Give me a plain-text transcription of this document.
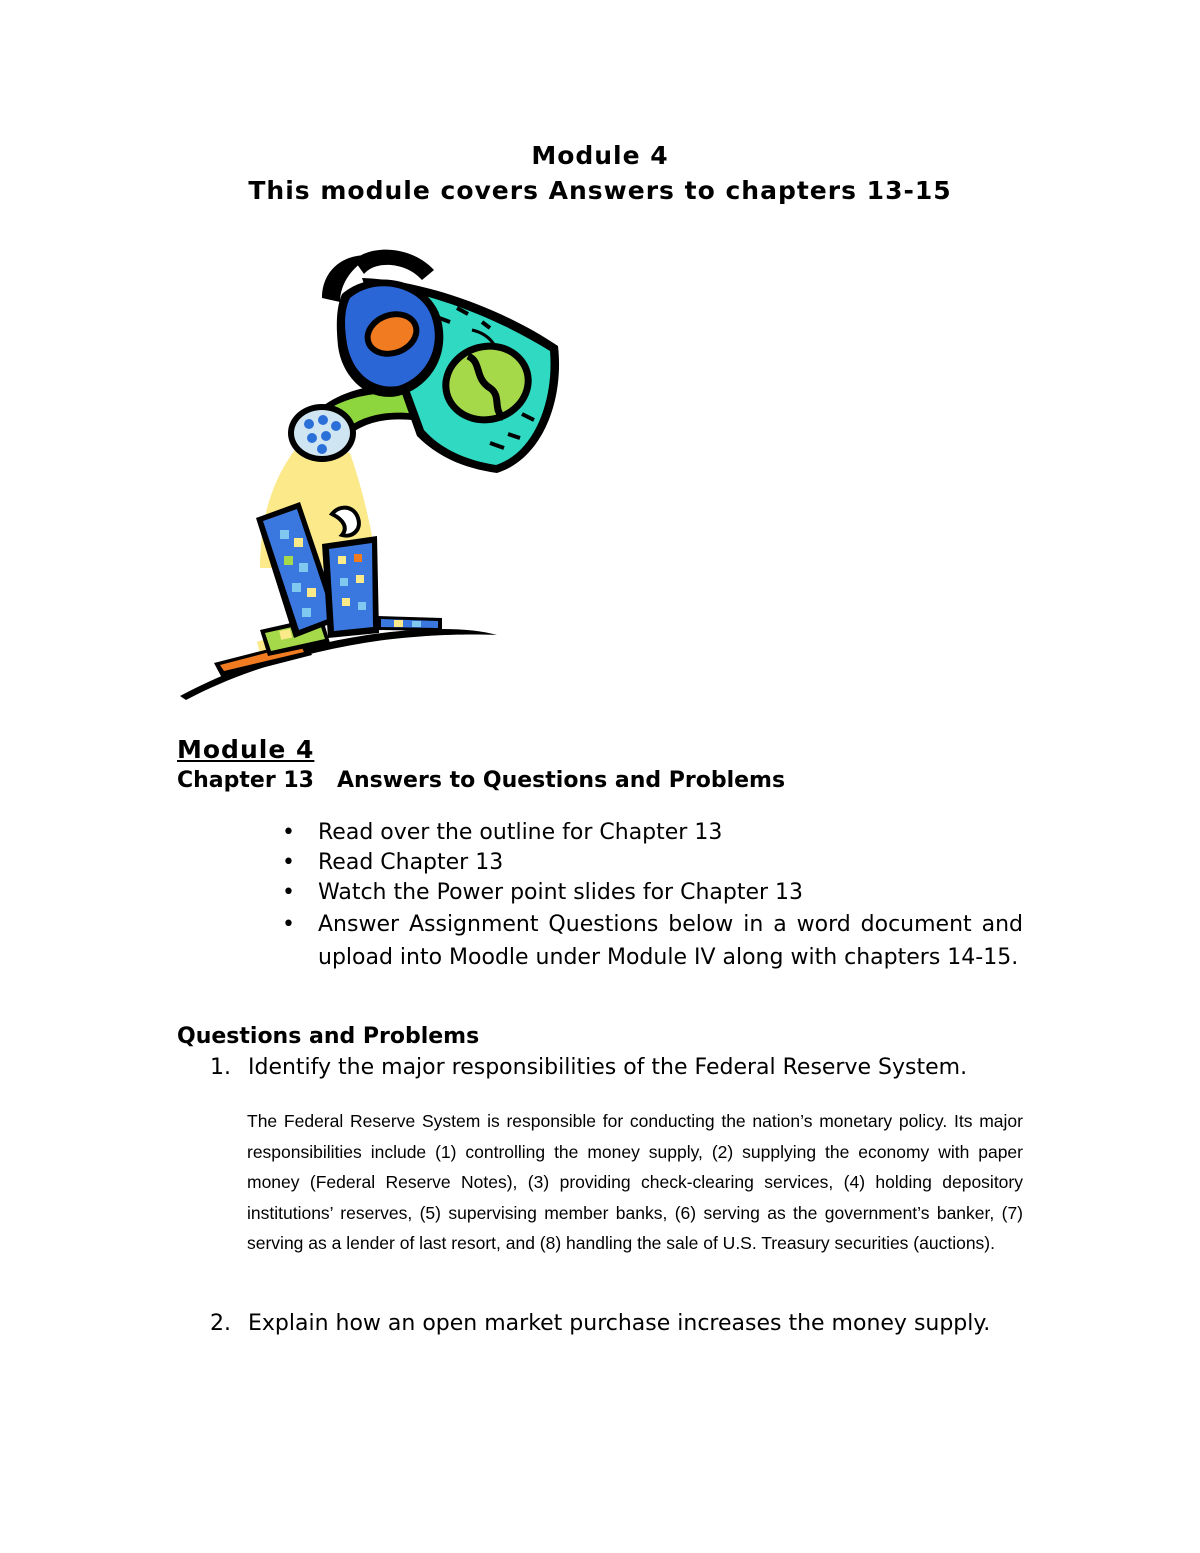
Module 4
This module covers Answers to chapters 13-15
Module 4
Chapter 13 Answers to Questions and Problems
• Read over the outline for Chapter 13
• Read Chapter 13
• Watch the Power point slides for Chapter 13
• Answer Assignment Questions below in a word document and upload into Moodle under Module IV along with chapters 14-15.
Questions and Problems
1. Identify the major responsibilities of the Federal Reserve System.
The Federal Reserve System is responsible for conducting the nation’s monetary policy. Its major responsibilities include (1) controlling the money supply, (2) supplying the economy with paper money (Federal Reserve Notes), (3) providing check-clearing services, (4) holding depository institutions’ reserves, (5) supervising member banks, (6) serving as the government’s banker, (7) serving as a lender of last resort, and (8) handling the sale of U.S. Treasury securities (auctions).
2. Explain how an open market purchase increases the money supply.
